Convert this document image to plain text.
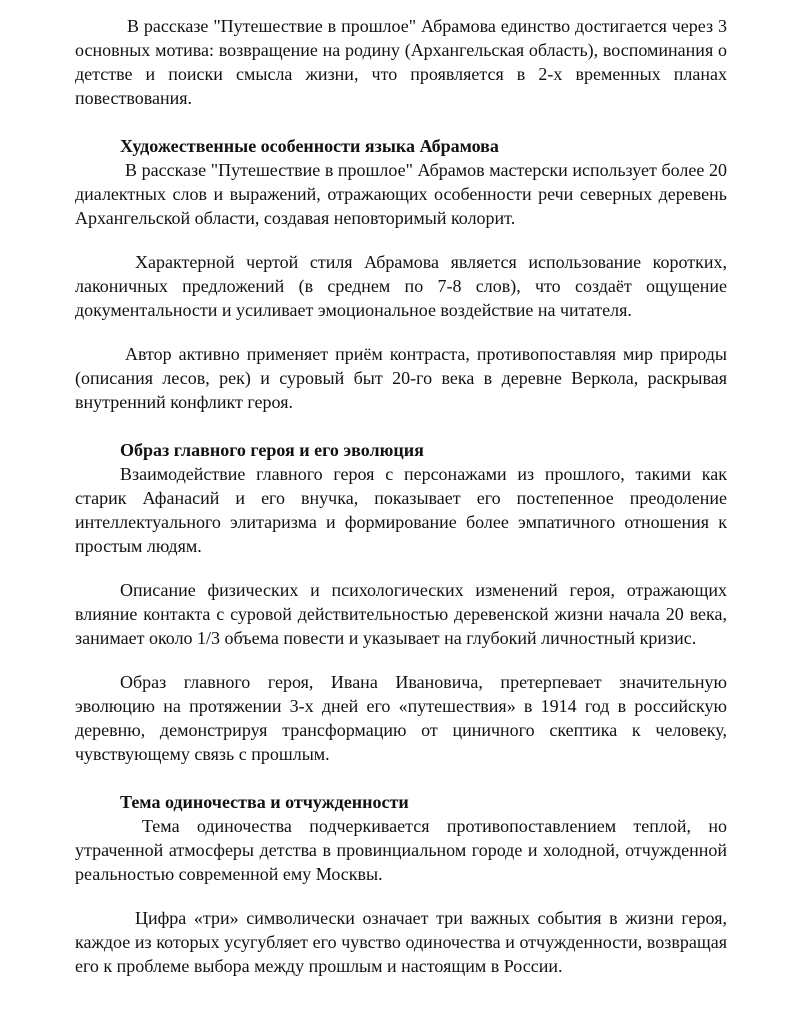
В рассказе "Путешествие в прошлое" Абрамова единство достигается через 3 основных мотива: возвращение на родину (Архангельская область), воспоминания о детстве и поиски смысла жизни, что проявляется в 2-х временных планах повествования.

Художественные особенности языка Абрамова

В рассказе "Путешествие в прошлое" Абрамов мастерски использует более 20 диалектных слов и выражений, отражающих особенности речи северных деревень Архангельской области, создавая неповторимый колорит.

Характерной чертой стиля Абрамова является использование коротких, лаконичных предложений (в среднем по 7-8 слов), что создаёт ощущение документальности и усиливает эмоциональное воздействие на читателя.

Автор активно применяет приём контраста, противопоставляя мир природы (описания лесов, рек) и суровый быт 20-го века в деревне Веркола, раскрывая внутренний конфликт героя.

Образ главного героя и его эволюция

Взаимодействие главного героя с персонажами из прошлого, такими как старик Афанасий и его внучка, показывает его постепенное преодоление интеллектуального элитаризма и формирование более эмпатичного отношения к простым людям.

Описание физических и психологических изменений героя, отражающих влияние контакта с суровой действительностью деревенской жизни начала 20 века, занимает около 1/3 объема повести и указывает на глубокий личностный кризис.

Образ главного героя, Ивана Ивановича, претерпевает значительную эволюцию на протяжении 3-х дней его «путешествия» в 1914 год в российскую деревню, демонстрируя трансформацию от циничного скептика к человеку, чувствующему связь с прошлым.

Тема одиночества и отчужденности

Тема одиночества подчеркивается противопоставлением теплой, но утраченной атмосферы детства в провинциальном городе и холодной, отчужденной реальностью современной ему Москвы.

Цифра «три» символически означает три важных события в жизни героя, каждое из которых усугубляет его чувство одиночества и отчужденности, возвращая его к проблеме выбора между прошлым и настоящим в России.
